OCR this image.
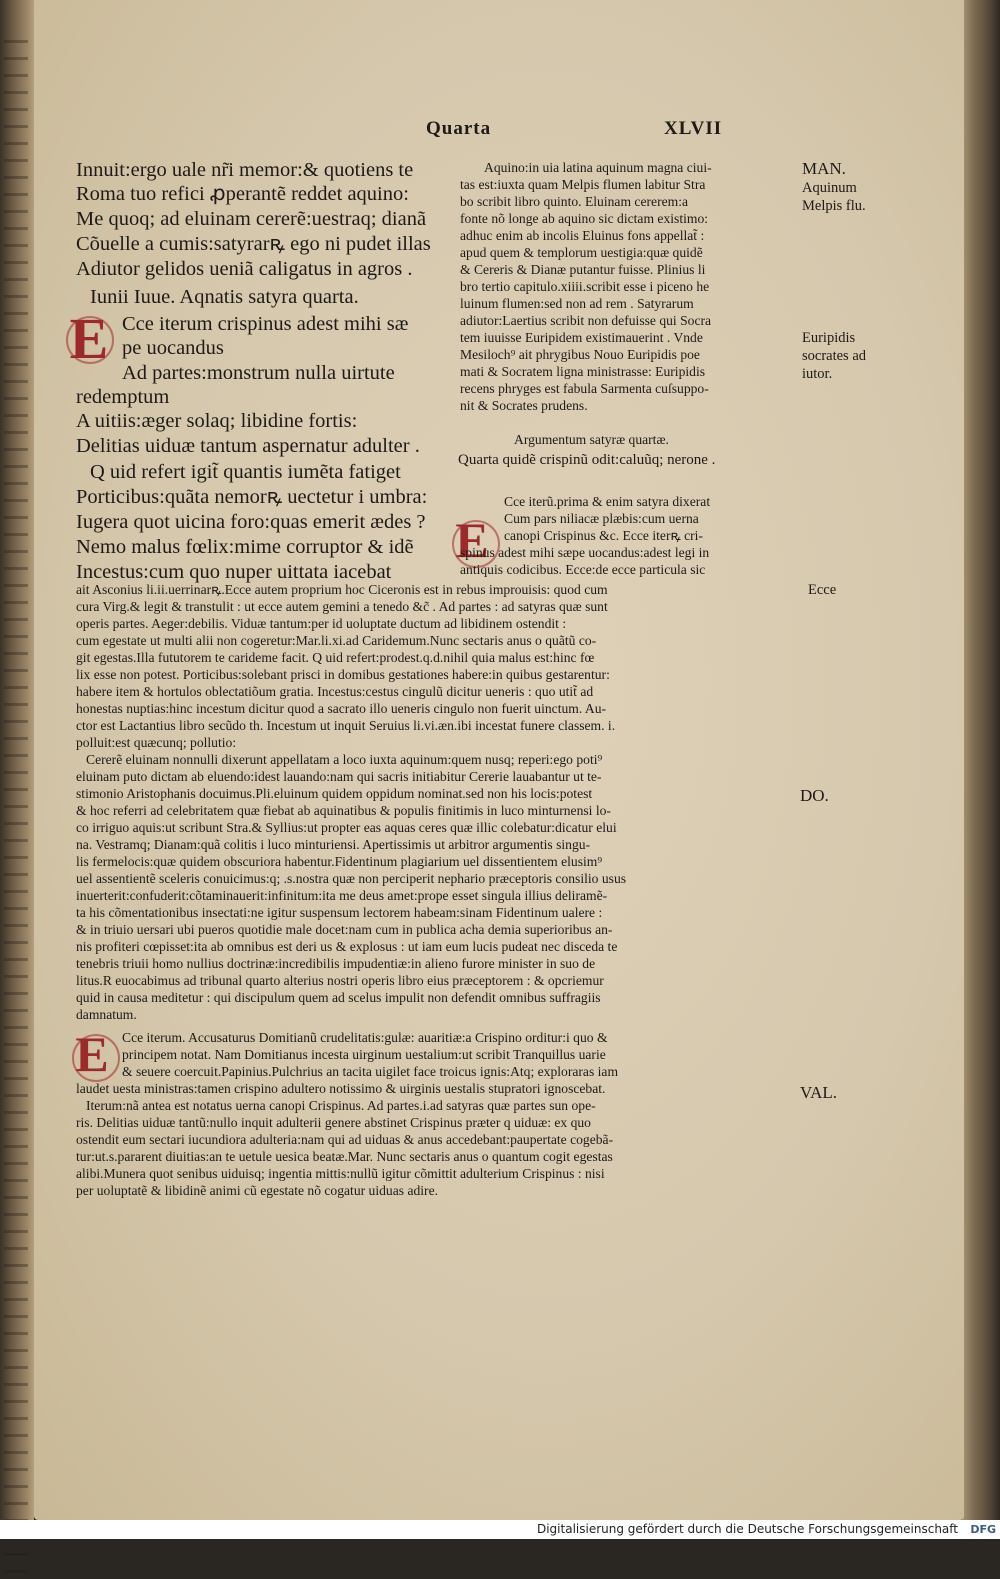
Quarta	XLVII
Innuit:ergo uale nr̃i memor:& quotiens te
Roma tuo refici ꝓperantẽ reddet aquino:
Me quoq; ad eluinam cererẽ:uestraq; dianã
Cõuelle a cumis:satyrarꝶ ego ni pudet illas
Adiutor gelidos ueniã caligatus in agros .
Iunii Iuue. Aqnatis satyra quarta.
E Cce iterum crispinus adest mihi sæ
pe uocandus
Ad partes:monstrum nulla uirtute
redemptum
A uitiis:æger solaq; libidine fortis:
Delitias uiduæ tantum aspernatur adulter .
Q uid refert igit̃ quantis iumẽta fatiget
Porticibus:quãta nemorꝶ uectetur i umbra:
Iugera quot uicina foro:quas emerit ædes ?
Nemo malus fœlix:mime corruptor & idẽ
Incestus:cum quo nuper uittata iacebat
Aquino:in uia latina aquinum magna ciui-
tas est:iuxta quam Melpis flumen labitur Stra
bo scribit libro quinto. Eluinam cererem:a
fonte nõ longe ab aquino sic dictam existimo:
adhuc enim ab incolis Eluinus fons appellat̃ :
apud quem & templorum uestigia:quæ quidẽ
& Cereris & Dianæ putantur fuisse. Plinius li
bro tertio capitulo.xiiii.scribit esse i piceno he
luinum flumen:sed non ad rem . Satyrarum
adiutor:Laertius scribit non defuisse qui Socra
tem iuuisse Euripidem existimauerint . Vnde
Mesiloch⁹ ait phrygibus Nouo Euripidis poe
mati & Socratem ligna ministrasse: Euripidis
recens phryges est fabula Sarmenta cuſsuppo-
nit & Socrates prudens.
Argumentum satyræ quartæ.
Quarta quidẽ crispinũ odit:caluũq; nerone .
E
Cce iterũ.prima & enim satyra dixerat
Cum pars niliacæ plæbis:cum uerna
canopi Crispinus &c. Ecce iterꝶ cri-
spinus adest mihi sæpe uocandus:adest legi in
antiquis codicibus. Ecce:de ecce particula sic
ait Asconius li.ii.uerrinarꝶ.Ecce autem proprium hoc Ciceronis est in rebus improuisis: quod cum
cura Virg.& legit & transtulit : ut ecce autem gemini a tenedo &c̃ . Ad partes : ad satyras quæ sunt
operis partes. Aeger:debilis. Viduæ tantum:per id uoluptate ductum ad libidinem ostendit :
cum egestate ut multi alii non cogeretur:Mar.li.xi.ad Caridemum.Nunc sectaris anus o quãtũ co-
git egestas.Illa fututorem te carideme facit. Q uid refert:prodest.q.d.nihil quia malus est:hinc fœ
lix esse non potest. Porticibus:solebant prisci in domibus gestationes habere:in quibus gestarentur:
habere item & hortulos oblectatiõum gratia. Incestus:cestus cingulũ dicitur ueneris : quo utit̃ ad
honestas nuptias:hinc incestum dicitur quod a sacrato illo ueneris cingulo non fuerit uinctum. Au-
ctor est Lactantius libro secũdo th. Incestum ut inquit Seruius li.vi.æn.ibi incestat funere classem. i.
polluit:est quæcunq; pollutio:
Cererẽ eluinam nonnulli dixerunt appellatam a loco iuxta aquinum:quem nusq; reperi:ego poti⁹
eluinam puto dictam ab eluendo:idest lauando:nam qui sacris initiabitur Cererie lauabantur ut te-
stimonio Aristophanis docuimus.Pli.eluinum quidem oppidum nominat.sed non his locis:potest
& hoc referri ad celebritatem quæ fiebat ab aquinatibus & populis finitimis in luco minturnensi lo-
co irriguo aquis:ut scribunt Stra.& Syllius:ut propter eas aquas ceres quæ illic colebatur:dicatur elui
na. Vestramq; Dianam:quã colitis i luco minturiensi. Apertissimis ut arbitror argumentis singu-
lis fermelocis:quæ quidem obscuriora habentur.Fidentinum plagiarium uel dissentientem elusim⁹
uel assentientẽ sceleris conuicimus:q; .s.nostra quæ non perciperit nephario præceptoris consilio usus
inuerterit:confuderit:cõtaminauerit:infinitum:ita me deus amet:prope esset singula illius deliramẽ-
ta his cõmentationibus insectati:ne igitur suspensum lectorem habeam:sinam Fidentinum ualere :
& in triuio uersari ubi pueros quotidie male docet:nam cum in publica acha demia superioribus an-
nis profiteri cœpisset:ita ab omnibus est deri us & explosus : ut iam eum lucis pudeat nec disceda te
tenebris triuii homo nullius doctrinæ:incredibilis impudentiæ:in alieno furore minister in suo de
litus.R euocabimus ad tribunal quarto alterius nostri operis libro eius præceptorem : & opcriemur
quid in causa meditetur : qui discipulum quem ad scelus impulit non defendit omnibus suffragiis
damnatum.
E Cce iterum. Accusaturus Domitianũ crudelitatis:gulæ: auaritiæ:a Crispino orditur:i quo &
principem notat. Nam Domitianus incesta uirginum uestalium:ut scribit Tranquillus uarie
& seuere coercuit.Papinius.Pulchrius an tacita uigilet face troicus ignis:Atq; exploraras iam
laudet uesta ministras:tamen crispino adultero notissimo & uirginis uestalis stupratori ignoscebat.
Iterum:nã antea est notatus uerna canopi Crispinus. Ad partes.i.ad satyras quæ partes sun ope-
ris. Delitias uiduæ tantũ:nullo inquit adulterii genere abstinet Crispinus præter q uiduæ: ex quo
ostendit eum sectari iucundiora adulteria:nam qui ad uiduas & anus accedebant:paupertate cogebã-
tur:ut.s.pararent diuitias:an te uetule uesica beatæ.Mar. Nunc sectaris anus o quantum cogit egestas
alibi.Munera quot senibus uiduisq; ingentia mittis:nullũ igitur cõmittit adulterium Crispinus : nisi
per uoluptatẽ & libidinẽ animi cũ egestate nõ cogatur uiduas adire.
MAN.
Aquinum
Melpis flu.
Euripidis
socrates ad
iutor.
Ecce
DO.
VAL.
Digitalisierung gefördert durch die Deutsche Forschungsgemeinschaft DFG
